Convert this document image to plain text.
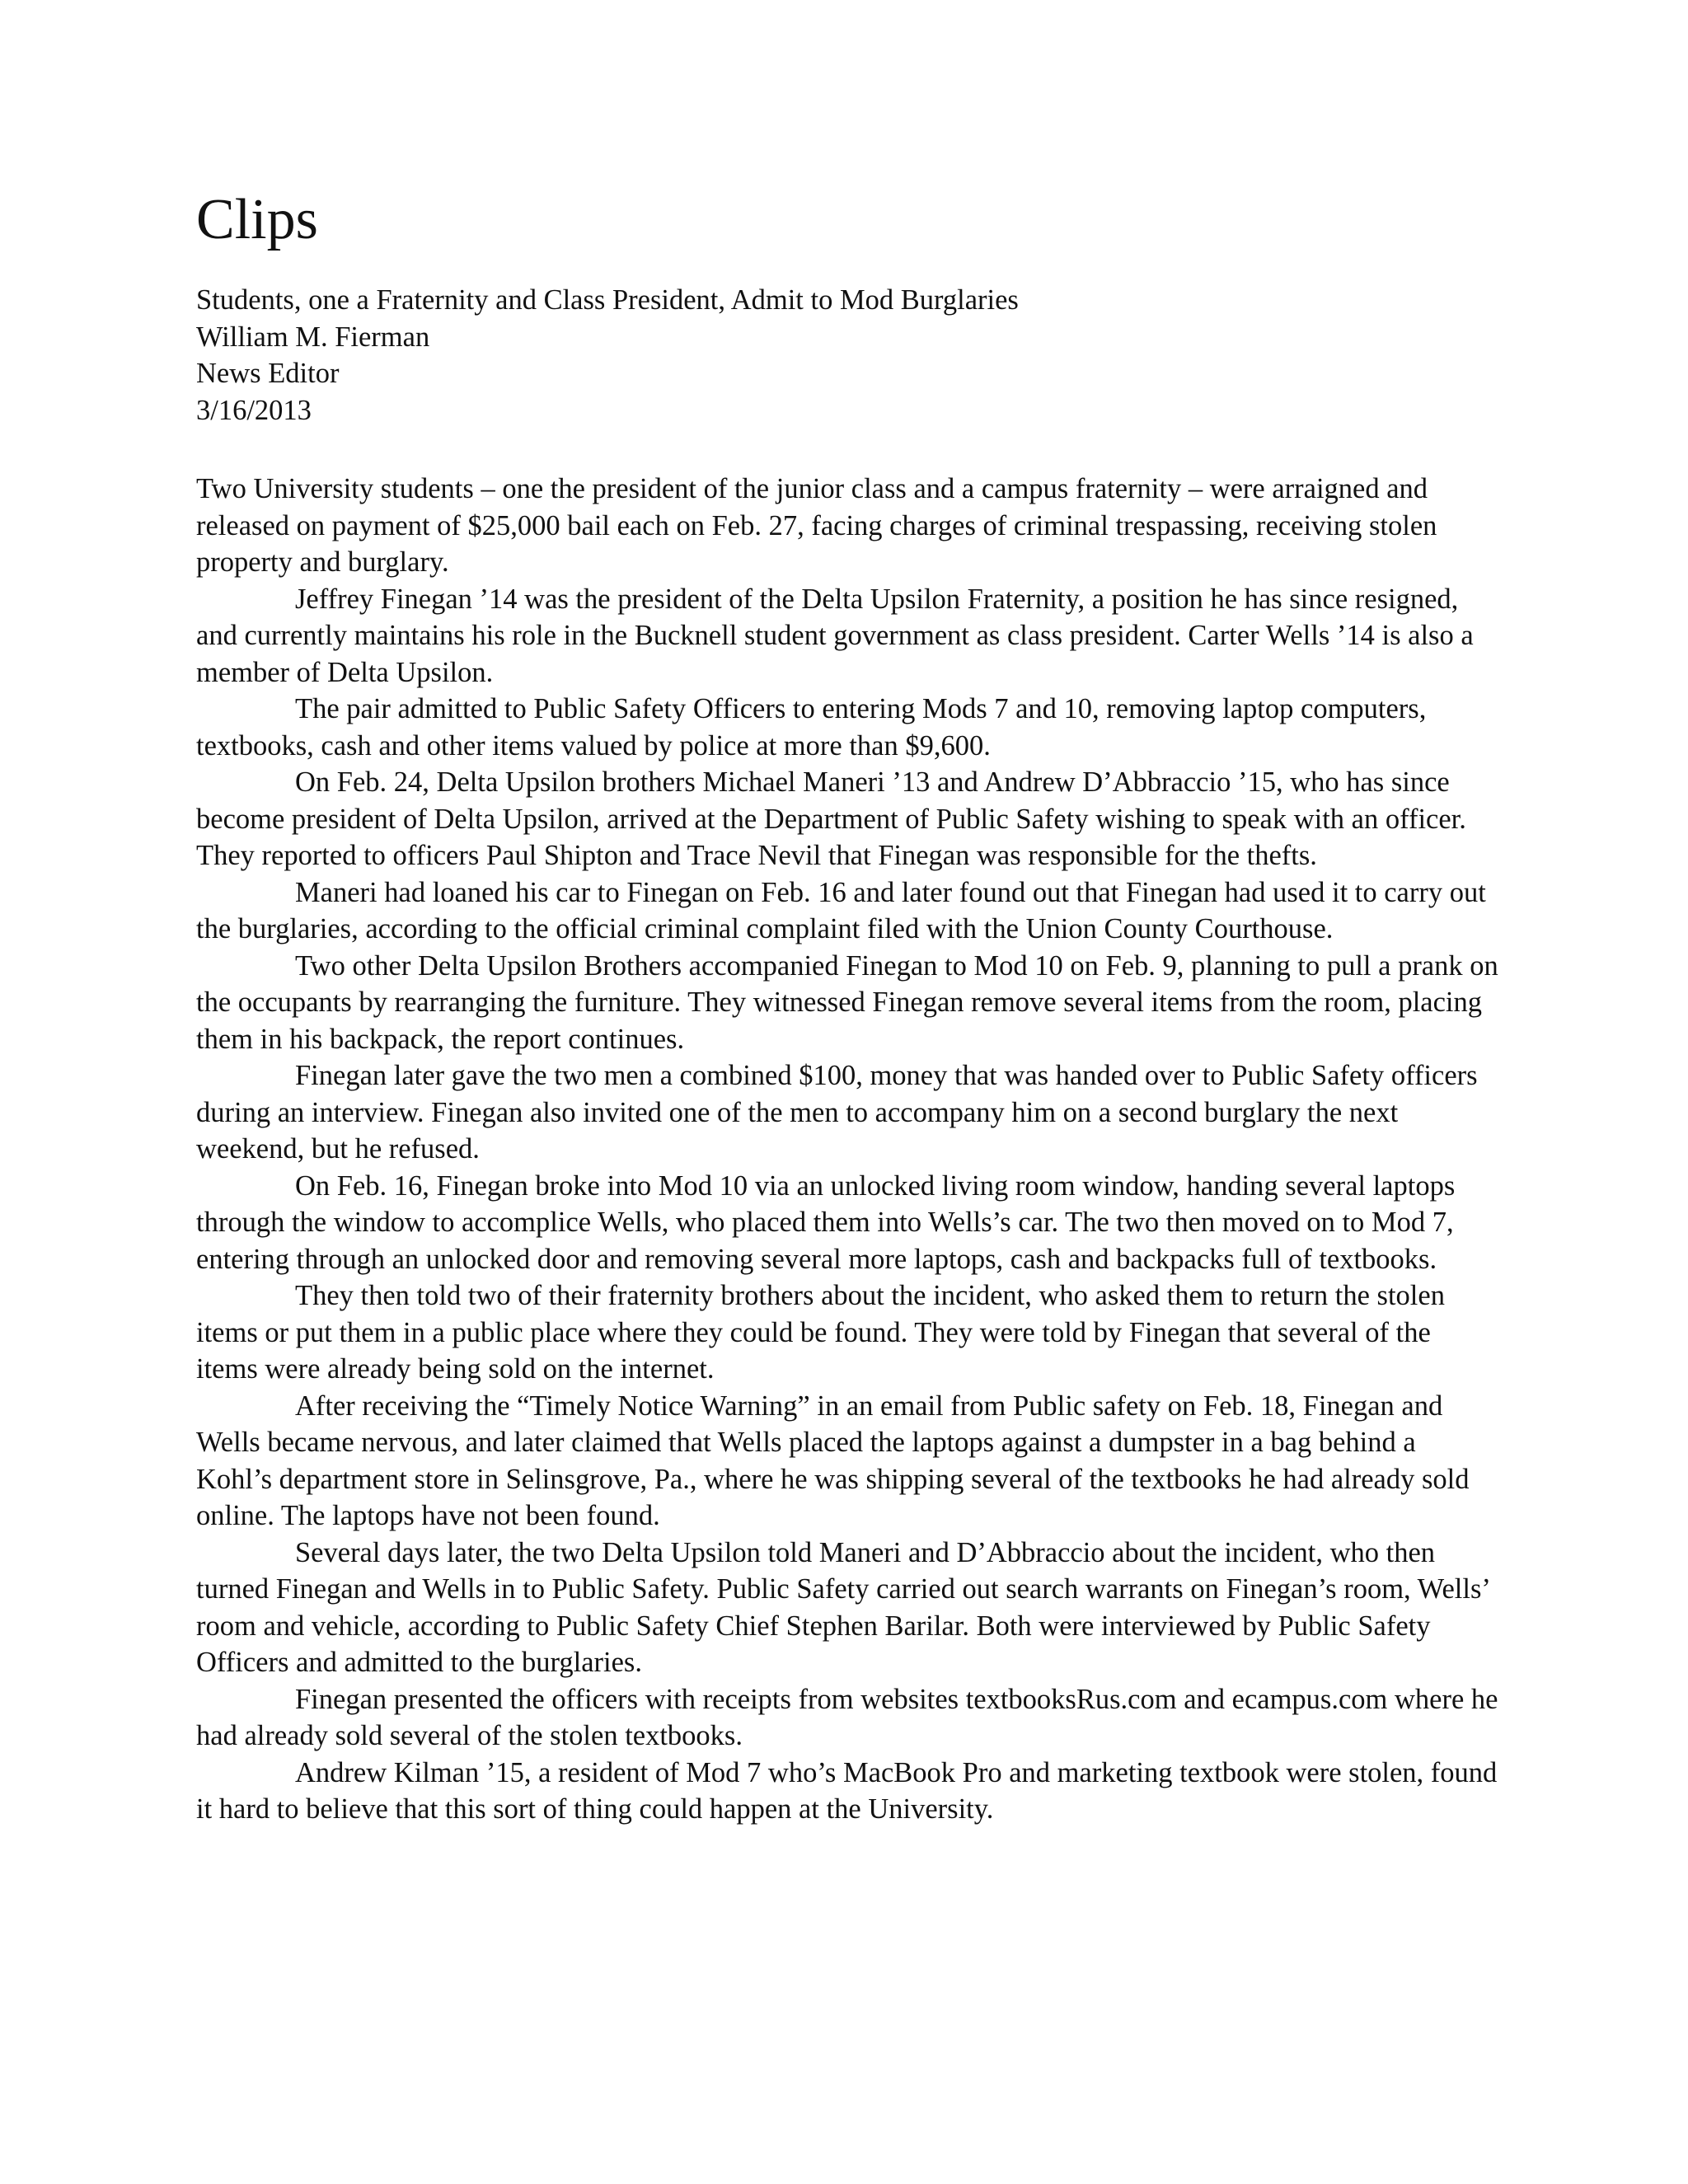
Clips
Students, one a Fraternity and Class President, Admit to Mod Burglaries
William M. Fierman
News Editor
3/16/2013

Two University students – one the president of the junior class and a campus fraternity – were arraigned and released on payment of $25,000 bail each on Feb. 27, facing charges of criminal trespassing, receiving stolen property and burglary.

Jeffrey Finegan ’14 was the president of the Delta Upsilon Fraternity, a position he has since resigned, and currently maintains his role in the Bucknell student government as class president. Carter Wells ’14 is also a member of Delta Upsilon.

The pair admitted to Public Safety Officers to entering Mods 7 and 10, removing laptop computers, textbooks, cash and other items valued by police at more than $9,600.

On Feb. 24, Delta Upsilon brothers Michael Maneri ’13 and Andrew D’Abbraccio ’15, who has since become president of Delta Upsilon, arrived at the Department of Public Safety wishing to speak with an officer. They reported to officers Paul Shipton and Trace Nevil that Finegan was responsible for the thefts.

Maneri had loaned his car to Finegan on Feb. 16 and later found out that Finegan had used it to carry out the burglaries, according to the official criminal complaint filed with the Union County Courthouse.

Two other Delta Upsilon Brothers accompanied Finegan to Mod 10 on Feb. 9, planning to pull a prank on the occupants by rearranging the furniture. They witnessed Finegan remove several items from the room, placing them in his backpack, the report continues.

Finegan later gave the two men a combined $100, money that was handed over to Public Safety officers during an interview. Finegan also invited one of the men to accompany him on a second burglary the next weekend, but he refused.

On Feb. 16, Finegan broke into Mod 10 via an unlocked living room window, handing several laptops through the window to accomplice Wells, who placed them into Wells’s car. The two then moved on to Mod 7, entering through an unlocked door and removing several more laptops, cash and backpacks full of textbooks.

They then told two of their fraternity brothers about the incident, who asked them to return the stolen items or put them in a public place where they could be found. They were told by Finegan that several of the items were already being sold on the internet.

After receiving the “Timely Notice Warning” in an email from Public safety on Feb. 18, Finegan and Wells became nervous, and later claimed that Wells placed the laptops against a dumpster in a bag behind a Kohl’s department store in Selinsgrove, Pa., where he was shipping several of the textbooks he had already sold online. The laptops have not been found.

Several days later, the two Delta Upsilon told Maneri and D’Abbraccio about the incident, who then turned Finegan and Wells in to Public Safety. Public Safety carried out search warrants on Finegan’s room, Wells’ room and vehicle, according to Public Safety Chief Stephen Barilar. Both were interviewed by Public Safety Officers and admitted to the burglaries.

Finegan presented the officers with receipts from websites textbooksRus.com and ecampus.com where he had already sold several of the stolen textbooks.

Andrew Kilman ’15, a resident of Mod 7 who’s MacBook Pro and marketing textbook were stolen, found it hard to believe that this sort of thing could happen at the University.
